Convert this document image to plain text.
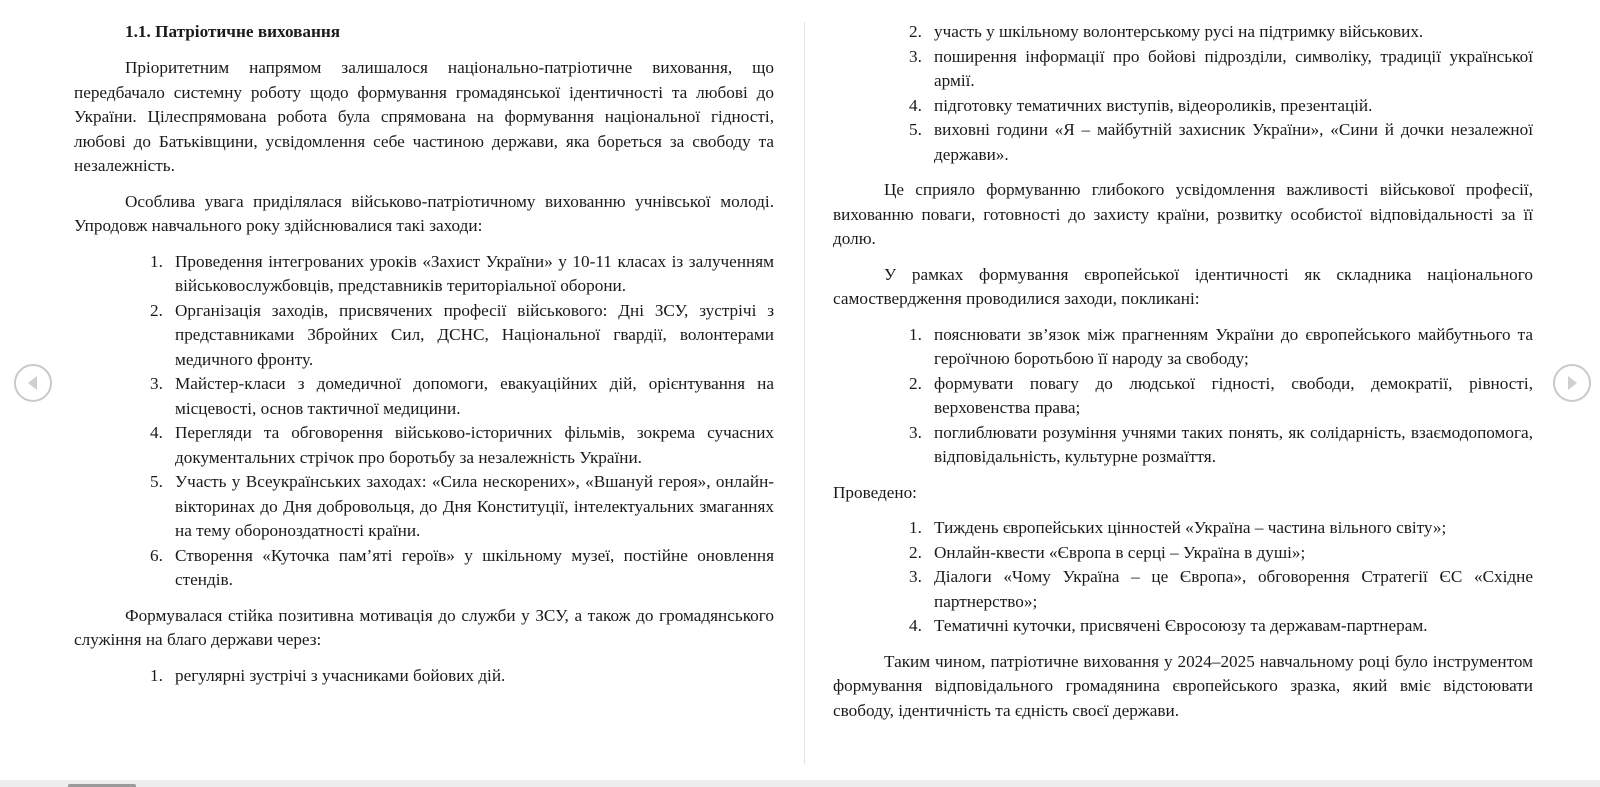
1.1. Патріотичне виховання

Пріоритетним напрямом залишалося національно-патріотичне виховання, що передбачало системну роботу щодо формування громадянської ідентичності та любові до України. Цілеспрямована робота була спрямована на формування національної гідності, любові до Батьківщини, усвідомлення себе частиною держави, яка бореться за свободу та незалежність.

Особлива увага приділялася військово-патріотичному вихованню учнівської молоді. Упродовж навчального року здійснювалися такі заходи:

1. Проведення інтегрованих уроків «Захист України» у 10-11 класах із залученням військовослужбовців, представників територіальної оборони.
2. Організація заходів, присвячених професії військового: Дні ЗСУ, зустрічі з представниками Збройних Сил, ДСНС, Національної гвардії, волонтерами медичного фронту.
3. Майстер-класи з домедичної допомоги, евакуаційних дій, орієнтування на місцевості, основ тактичної медицини.
4. Перегляди та обговорення військово-історичних фільмів, зокрема сучасних документальних стрічок про боротьбу за незалежність України.
5. Участь у Всеукраїнських заходах: «Сила нескорених», «Вшануй героя», онлайн-вікторинах до Дня добровольця, до Дня Конституції, інтелектуальних змаганнях на тему обороноздатності країни.
6. Створення «Куточка пам’яті героїв» у шкільному музеї, постійне оновлення стендів.

Формувалася стійка позитивна мотивація до служби у ЗСУ, а також до громадянського служіння на благо держави через:

1. регулярні зустрічі з учасниками бойових дій.
2. участь у шкільному волонтерському русі на підтримку військових.
3. поширення інформації про бойові підрозділи, символіку, традиції української армії.
4. підготовку тематичних виступів, відеороликів, презентацій.
5. виховні години «Я – майбутній захисник України», «Сини й дочки незалежної держави».

Це сприяло формуванню глибокого усвідомлення важливості військової професії, вихованню поваги, готовності до захисту країни, розвитку особистої відповідальності за її долю.

У рамках формування європейської ідентичності як складника національного самоствердження проводилися заходи, покликані:

1. пояснювати зв’язок між прагненням України до європейського майбутнього та героїчною боротьбою її народу за свободу;
2. формувати повагу до людської гідності, свободи, демократії, рівності, верховенства права;
3. поглиблювати розуміння учнями таких понять, як солідарність, взаємодопомога, відповідальність, культурне розмаїття.

Проведено:

1. Тиждень європейських цінностей «Україна – частина вільного світу»;
2. Онлайн-квести «Європа в серці – Україна в душі»;
3. Діалоги «Чому Україна – це Європа», обговорення Стратегії ЄС «Східне партнерство»;
4. Тематичні куточки, присвячені Євросоюзу та державам-партнерам.

Таким чином, патріотичне виховання у 2024–2025 навчальному році було інструментом формування відповідального громадянина європейського зразка, який вміє відстоювати свободу, ідентичність та єдність своєї держави.
